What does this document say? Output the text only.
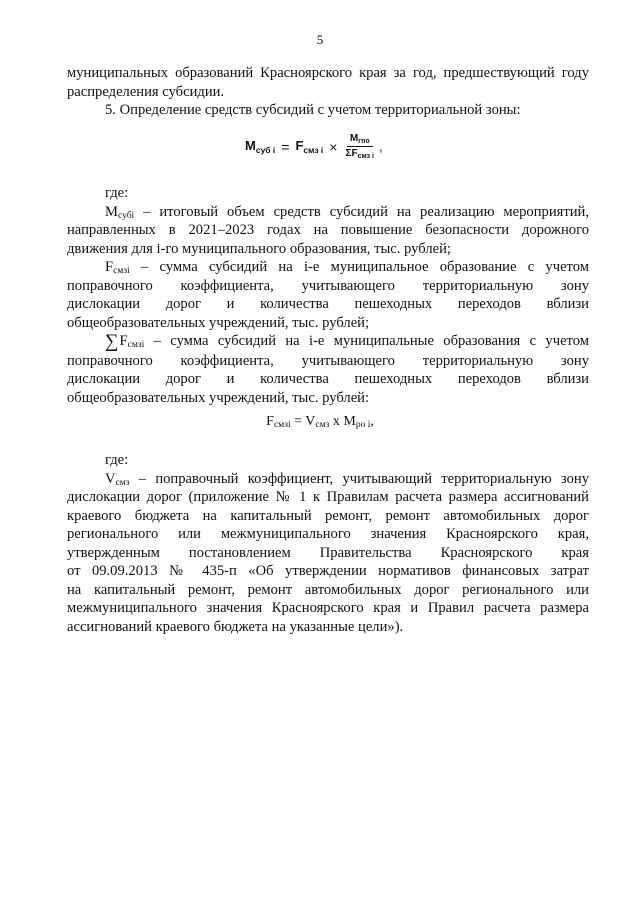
5

муниципальных образований Красноярского края за год, предшествующий году

распределения субсидии.

5. Определение средств субсидий с учетом территориальной зоны:

$M_{суб i} = F_{смз i} \times \frac{M_{гпо}}{\Sigma F_{смз i}}$ ,

где:

$M_{субi}$ – итоговый объем средств субсидий на реализацию мероприятий,

направленных в 2021–2023 годах на повышение безопасности дорожного

движения для i-го муниципального образования, тыс. рублей;

$F_{смзi}$ – сумма субсидий на i-е муниципальное образование с учетом

поправочного коэффициента, учитывающего территориальную зону

дислокации дорог и количества пешеходных переходов вблизи

общеобразовательных учреждений, тыс. рублей;

$\sum F_{смзi}$ – сумма субсидий на i-е муниципальные образования с учетом

поправочного коэффициента, учитывающего территориальную зону

дислокации дорог и количества пешеходных переходов вблизи

общеобразовательных учреждений, тыс. рублей:

$F_{смзi} = V_{смз}$ x $M_{ро i}$,

где:

$V_{смз}$ – поправочный коэффициент, учитывающий территориальную зону

дислокации дорог (приложение № 1 к Правилам расчета размера ассигнований

краевого бюджета на капитальный ремонт, ремонт автомобильных дорог

регионального или межмуниципального значения Красноярского края,

утвержденным постановлением Правительства Красноярского края

от 09.09.2013 № 435-п «Об утверждении нормативов финансовых затрат

на капитальный ремонт, ремонт автомобильных дорог регионального или

межмуниципального значения Красноярского края и Правил расчета размера

ассигнований краевого бюджета на указанные цели»).
